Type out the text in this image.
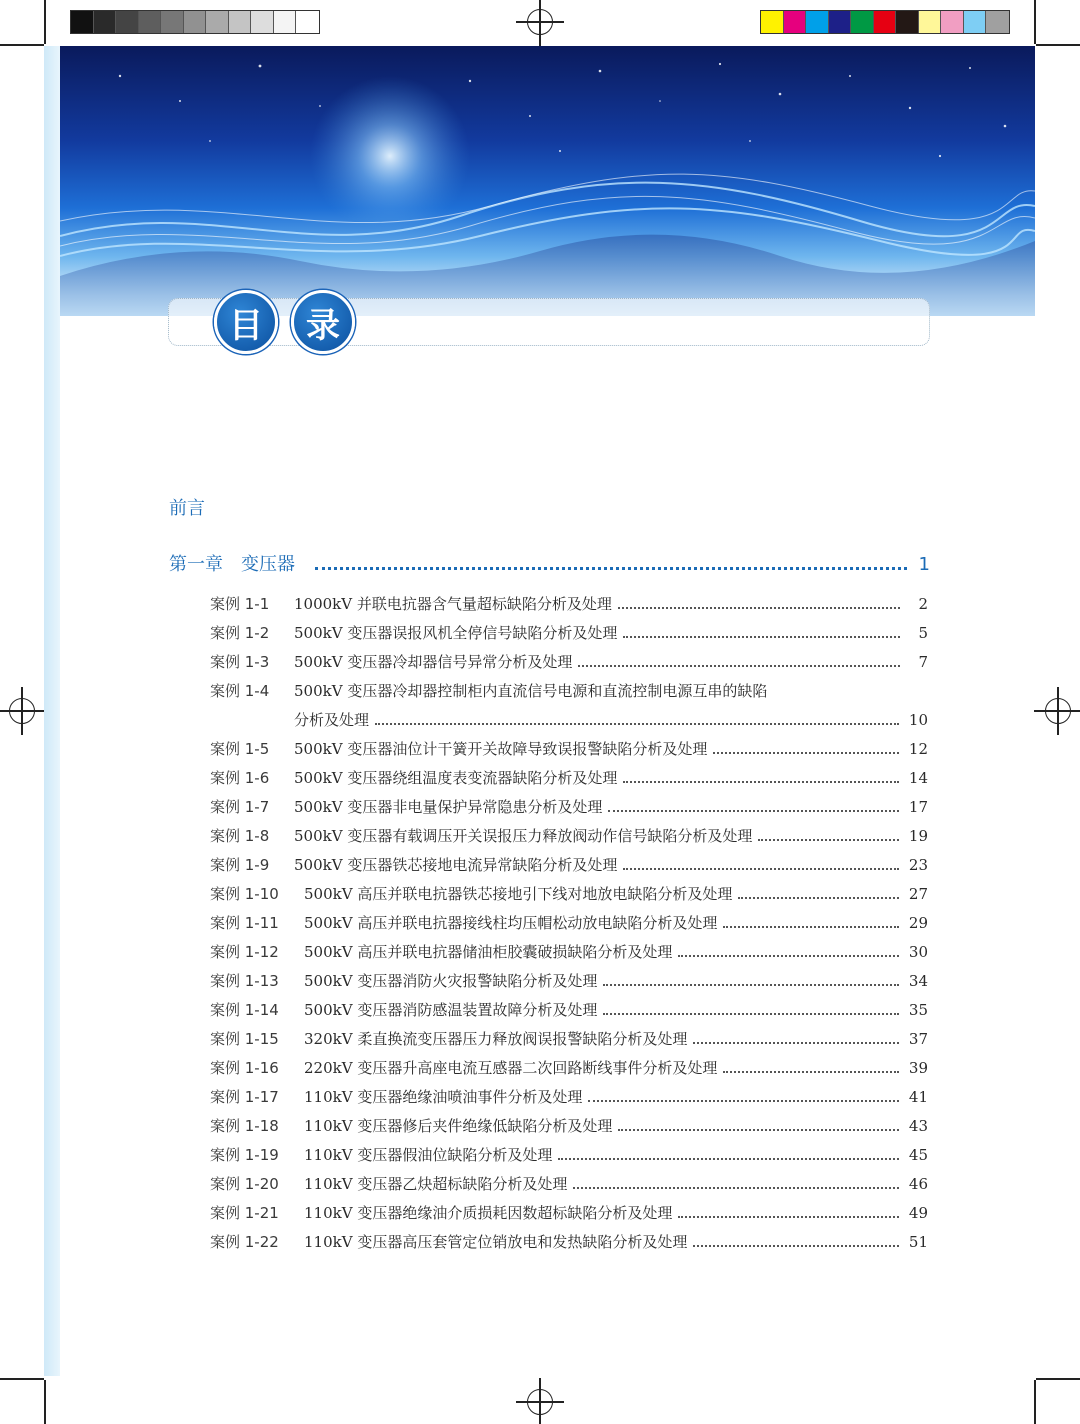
目	录
前言
第一章 变压器	1
案例 1-1	1000kV 并联电抗器含气量超标缺陷分析及处理	2
案例 1-2	500kV 变压器误报风机全停信号缺陷分析及处理	5
案例 1-3	500kV 变压器冷却器信号异常分析及处理	7
案例 1-4	500kV 变压器冷却器控制柜内直流信号电源和直流控制电源互串的缺陷
分析及处理	10
案例 1-5	500kV 变压器油位计干簧开关故障导致误报警缺陷分析及处理	12
案例 1-6	500kV 变压器绕组温度表变流器缺陷分析及处理	14
案例 1-7	500kV 变压器非电量保护异常隐患分析及处理	17
案例 1-8	500kV 变压器有载调压开关误报压力释放阀动作信号缺陷分析及处理	19
案例 1-9	500kV 变压器铁芯接地电流异常缺陷分析及处理	23
案例 1-10	500kV 高压并联电抗器铁芯接地引下线对地放电缺陷分析及处理	27
案例 1-11	500kV 高压并联电抗器接线柱均压帽松动放电缺陷分析及处理	29
案例 1-12	500kV 高压并联电抗器储油柜胶囊破损缺陷分析及处理	30
案例 1-13	500kV 变压器消防火灾报警缺陷分析及处理	34
案例 1-14	500kV 变压器消防感温装置故障分析及处理	35
案例 1-15	320kV 柔直换流变压器压力释放阀误报警缺陷分析及处理	37
案例 1-16	220kV 变压器升高座电流互感器二次回路断线事件分析及处理	39
案例 1-17	110kV 变压器绝缘油喷油事件分析及处理	41
案例 1-18	110kV 变压器修后夹件绝缘低缺陷分析及处理	43
案例 1-19	110kV 变压器假油位缺陷分析及处理	45
案例 1-20	110kV 变压器乙炔超标缺陷分析及处理	46
案例 1-21	110kV 变压器绝缘油介质损耗因数超标缺陷分析及处理	49
案例 1-22	110kV 变压器高压套管定位销放电和发热缺陷分析及处理	51
